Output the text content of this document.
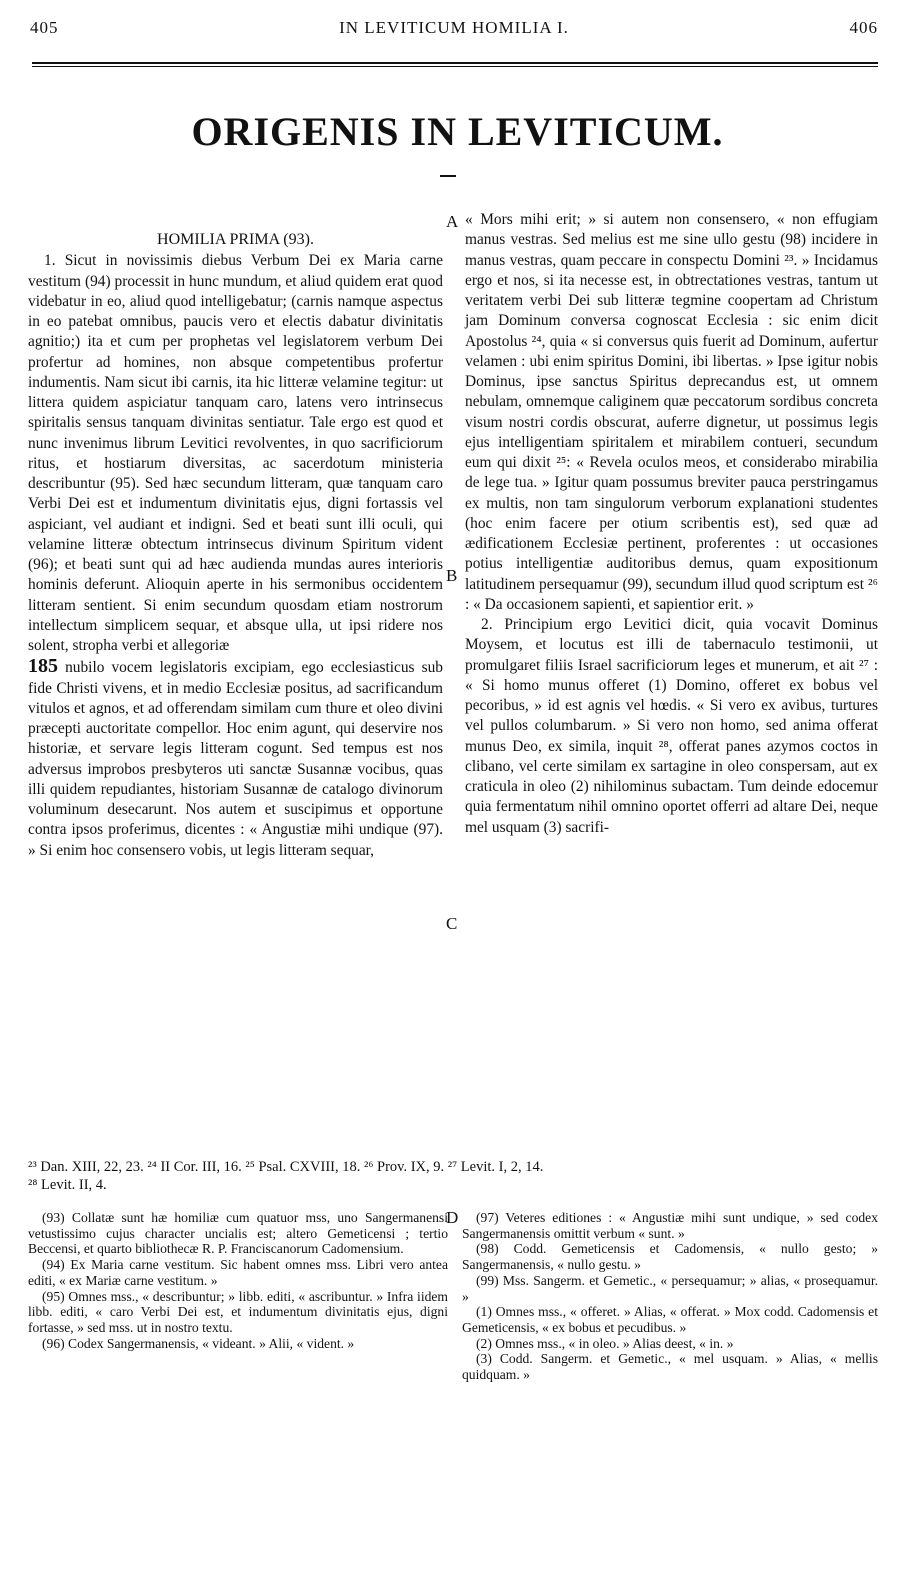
405	IN LEVITICUM HOMILIA I.	406
ORIGENIS IN LEVITICUM.
HOMILIA PRIMA (93).

1. Sicut in novissimis diebus Verbum Dei ex Maria carne vestitum (94) processit in hunc mundum, et aliud quidem erat quod videbatur in eo, aliud quod intelligebatur; (carnis namque aspectus in eo patebat omnibus, paucis vero et electis dabatur divinitatis agnitio;) ita et cum per prophetas vel legislatorem verbum Dei profertur ad homines, non absque competentibus profertur indumentis. Nam sicut ibi carnis, ita hic litteræ velamine tegitur: ut littera quidem aspiciatur tanquam caro, latens vero intrinsecus spiritalis sensus tanquam divinitas sentiatur. Tale ergo est quod et nunc invenimus librum Levitici revolventes, in quo sacrificiorum ritus, et hostiarum diversitas, ac sacerdotum ministeria describuntur (95). Sed hæc secundum litteram, quæ tanquam caro Verbi Dei est et indumentum divinitatis ejus, digni fortassis vel aspiciant, vel audiant et indigni. Sed et beati sunt illi oculi, qui velamine litteræ obtectum intrinsecus divinum Spiritum vident (96); et beati sunt qui ad hæc audienda mundas aures interioris hominis deferunt. Alioquin aperte in his sermonibus occidentem litteram sentient. Si enim secundum quosdam etiam nostrorum intellectum simplicem sequar, et absque ulla, ut ipsi ridere nos solent, stropha verbi et allegoriæ

185 nubilo vocem legislatoris excipiam, ego ecclesiasticus sub fide Christi vivens, et in medio Ecclesiæ positus, ad sacrificandum vitulos et agnos, et ad offerendam similam cum thure et oleo divini præcepti auctoritate compellor. Hoc enim agunt, qui deservire nos historiæ, et servare legis litteram cogunt. Sed tempus est nos adversus improbos presbyteros uti sanctæ Susannæ vocibus, quas illi quidem repudiantes, historiam Susannæ de catalogo divinorum voluminum desecarunt. Nos autem et suscipimus et opportune contra ipsos proferimus, dicentes : « Angustiæ mihi undique (97). » Si enim hoc consensero vobis, ut legis litteram sequar,

A
B
C
D

« Mors mihi erit; » si autem non consensero, « non effugiam manus vestras. Sed melius est me sine ullo gestu (98) incidere in manus vestras, quam peccare in conspectu Domini ²³. » Incidamus ergo et nos, si ita necesse est, in obtrectationes vestras, tantum ut veritatem verbi Dei sub litteræ tegmine coopertam ad Christum jam Dominum conversa cognoscat Ecclesia : sic enim dicit Apostolus ²⁴, quia « si conversus quis fuerit ad Dominum, aufertur velamen : ubi enim spiritus Domini, ibi libertas. » Ipse igitur nobis Dominus, ipse sanctus Spiritus deprecandus est, ut omnem nebulam, omnemque caliginem quæ peccatorum sordibus concreta visum nostri cordis obscurat, auferre dignetur, ut possimus legis ejus intelligentiam spiritalem et mirabilem contueri, secundum eum qui dixit ²⁵: « Revela oculos meos, et considerabo mirabilia de lege tua. » Igitur quam possumus breviter pauca perstringamus ex multis, non tam singulorum verborum explanationi studentes (hoc enim facere per otium scribentis est), sed quæ ad ædificationem Ecclesiæ pertinent, proferentes : ut occasiones potius intelligentiæ auditoribus demus, quam expositionum latitudinem persequamur (99), secundum illud quod scriptum est ²⁶ : « Da occasionem sapienti, et sapientior erit. »

2. Principium ergo Levitici dicit, quia vocavit Dominus Moysem, et locutus est illi de tabernaculo testimonii, ut promulgaret filiis Israel sacrificiorum leges et munerum, et ait ²⁷ : « Si homo munus offeret (1) Domino, offeret ex bobus vel pecoribus, » id est agnis vel hœdis. « Si vero ex avibus, turtures vel pullos columbarum. » Si vero non homo, sed anima offerat munus Deo, ex simila, inquit ²⁸, offerat panes azymos coctos in clibano, vel certe similam ex sartagine in oleo conspersam, aut ex craticula in oleo (2) nihilominus subactam. Tum deinde edocemur quia fermentatum nihil omnino oportet offerri ad altare Dei, neque mel usquam (3) sacrifi-

²³ Dan. XIII, 22, 23. ²⁴ II Cor. III, 16. ²⁵ Psal. CXVIII, 18. ²⁶ Prov. IX, 9. ²⁷ Levit. I, 2, 14.
²⁸ Levit. II, 4.

(93) Collatæ sunt hæ homiliæ cum quatuor mss, uno Sangermanensi vetustissimo cujus character uncialis est; altero Gemeticensi ; tertio Beccensi, et quarto bibliothecæ R. P. Franciscanorum Cadomensium.

(94) Ex Maria carne vestitum. Sic habent omnes mss. Libri vero antea editi, « ex Mariæ carne vestitum. »

(95) Omnes mss., « describuntur; » libb. editi, « ascribuntur. » Infra iidem libb. editi, « caro Verbi Dei est, et indumentum divinitatis ejus, digni fortasse, » sed mss. ut in nostro textu.

(96) Codex Sangermanensis, « videant. » Alii, « vident. »

(97) Veteres editiones : « Angustiæ mihi sunt undique, » sed codex Sangermanensis omittit verbum « sunt. »

(98) Codd. Gemeticensis et Cadomensis, « nullo gesto; » Sangermanensis, « nullo gestu. »

(99) Mss. Sangerm. et Gemetic., « persequamur; » alias, « prosequamur. »

(1) Omnes mss., « offeret. » Alias, « offerat. » Mox codd. Cadomensis et Gemeticensis, « ex bobus et pecudibus. »

(2) Omnes mss., « in oleo. » Alias deest, « in. »

(3) Codd. Sangerm. et Gemetic., « mel usquam. » Alias, « mellis quidquam. »
